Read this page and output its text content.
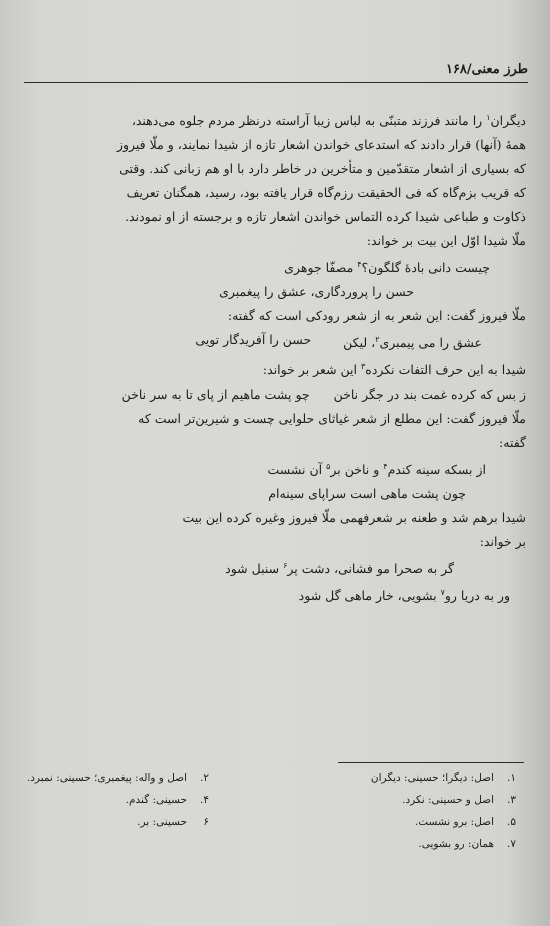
طرز معنی/۱۶۸

دیگران$^۱$ را مانند فرزند متبنّی به لباس زیبا آراسته درنظر مردم جلوه می‌دهند،

همهٔ (آنها) قرار دادند که استدعای خواندن اشعار تازه از شیدا نمایند، و ملّا فیروز

که بسیاری از اشعار متقدّمین و متأخرین در خاطر دارد با او هم زبانی کند. وقتی

که قریب بزم‌گاه که فی الحقیقت رزم‌گاه قرار یافته بود، رسید، همگنان تعریف

ذکاوت و طباعی شیدا کرده التماس خواندن اشعار تازه و برجسته از او نمودند.

ملّا شیدا اوّل این بیت بر خواند:

چیست دانی بادهٔ گلگون؟$^۴$ مصفّا جوهری
حسن را پروردگاری، عشق را پیغمبری

ملّا فیروز گفت: این شعر به از شعر رودکی است که گفته:

عشق را می پیمبری$^۲$، لیکن
حسن را آفریدگار تویی

شیدا به این حرف التفات نکرده$^۳$ این شعر بر خواند:

ز بس که کرده غمت بند در جگر ناخن
چو پشت ماهیم از پای تا به سر ناخن

ملّا فیروز گفت: این مطلع از شعر غیاثای حلوایی چست و شیرین‌تر است که

گفته:

از بسکه سینه کندم$^۴$ و ناخن بر$^۵$ آن نشست
چون پشت ماهی است سراپای سینه‌ام

شیدا برهم شد و طعنه بر شعرفهمی ملّا فیروز وغیره کرده این بیت

بر خواند:

گر به صحرا مو فشانی، دشت پر$^۶$ سنبل شود
ور به دریا رو$^۷$ بشویی، خار ماهی گل شود
۱.
اصل: دیگرا؛ حسینی: دیگران
۲.
اصل و واله: پیغمبری؛ حسینی: نمبرد.
۳.
اصل و حسینی: نکرد.
۴.
حسینی: گندم.
۵.
اصل: برو نشست.
۶
حسینی: بر.
۷.
همان: رو بشویی.
